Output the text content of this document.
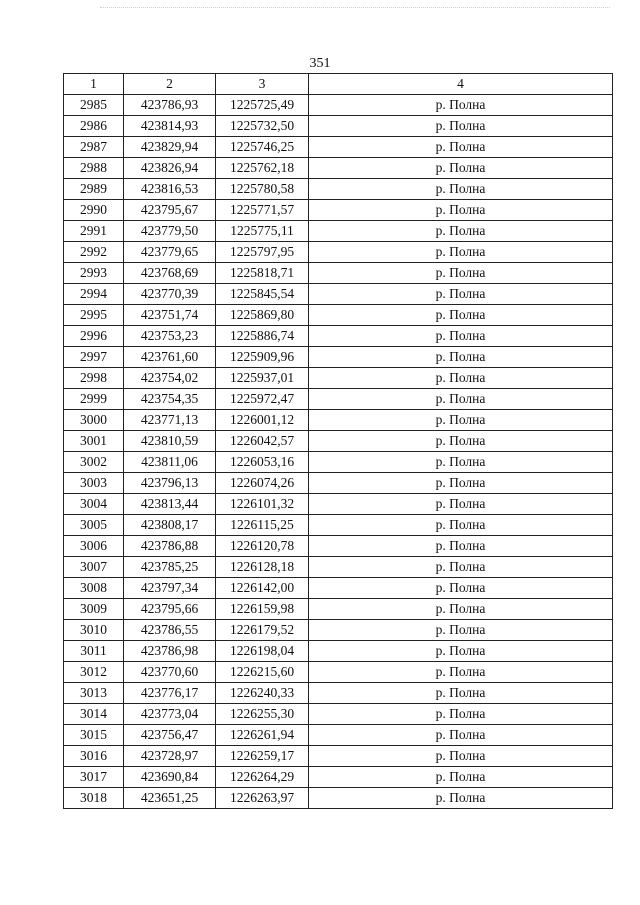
351
1	2	3	4
2985	423786,93	1225725,49	р. Полна
2986	423814,93	1225732,50	р. Полна
2987	423829,94	1225746,25	р. Полна
2988	423826,94	1225762,18	р. Полна
2989	423816,53	1225780,58	р. Полна
2990	423795,67	1225771,57	р. Полна
2991	423779,50	1225775,11	р. Полна
2992	423779,65	1225797,95	р. Полна
2993	423768,69	1225818,71	р. Полна
2994	423770,39	1225845,54	р. Полна
2995	423751,74	1225869,80	р. Полна
2996	423753,23	1225886,74	р. Полна
2997	423761,60	1225909,96	р. Полна
2998	423754,02	1225937,01	р. Полна
2999	423754,35	1225972,47	р. Полна
3000	423771,13	1226001,12	р. Полна
3001	423810,59	1226042,57	р. Полна
3002	423811,06	1226053,16	р. Полна
3003	423796,13	1226074,26	р. Полна
3004	423813,44	1226101,32	р. Полна
3005	423808,17	1226115,25	р. Полна
3006	423786,88	1226120,78	р. Полна
3007	423785,25	1226128,18	р. Полна
3008	423797,34	1226142,00	р. Полна
3009	423795,66	1226159,98	р. Полна
3010	423786,55	1226179,52	р. Полна
3011	423786,98	1226198,04	р. Полна
3012	423770,60	1226215,60	р. Полна
3013	423776,17	1226240,33	р. Полна
3014	423773,04	1226255,30	р. Полна
3015	423756,47	1226261,94	р. Полна
3016	423728,97	1226259,17	р. Полна
3017	423690,84	1226264,29	р. Полна
3018	423651,25	1226263,97	р. Полна
